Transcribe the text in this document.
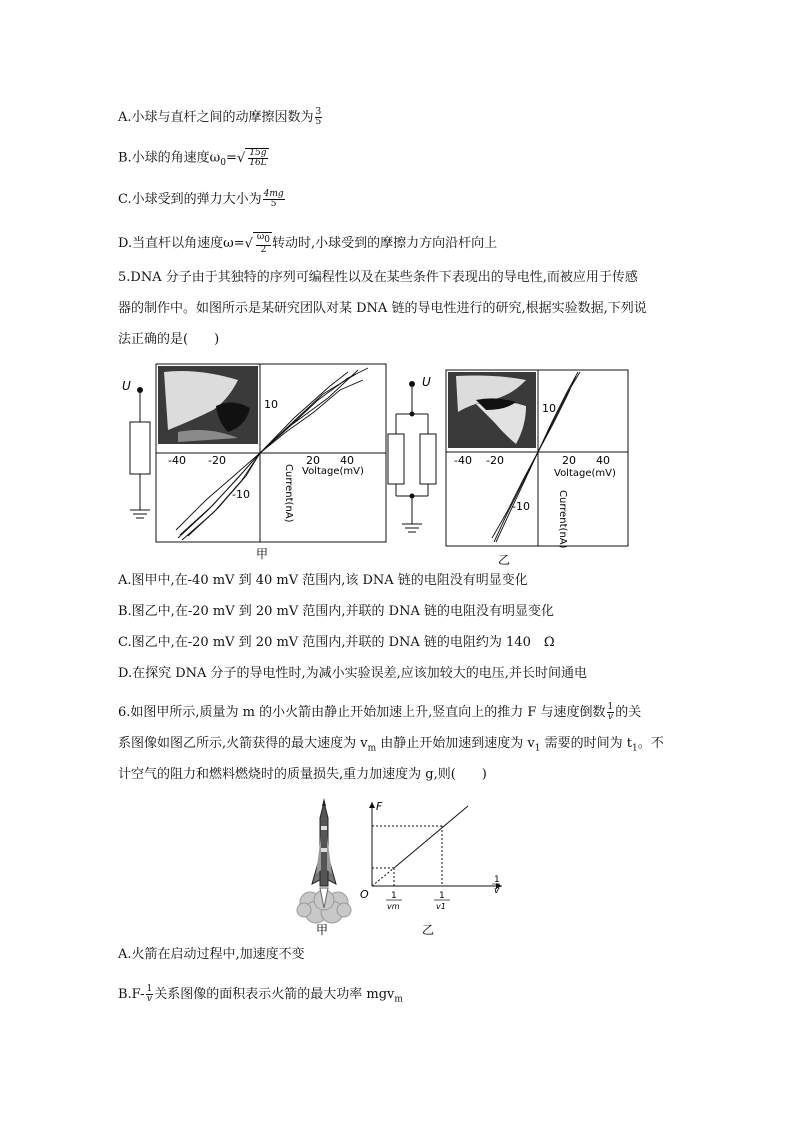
A.小球与直杆之间的动摩擦因数为 $\frac{3}{5}$
B.小球的角速度$\omega_0=√ \frac{15g}{16L}$
C.小球受到的弹力大小为 $\frac{4mg}{5}$
D.当直杆以角速度$\omega=√ \frac{\omega_0}{2}$ 转动时,小球受到的摩擦力方向沿杆向上
5.DNA 分子由于其独特的序列可编程性以及在某些条件下表现出的导电性,而被应用于传感
器的制作中。如图所示是某研究团队对某 DNA 链的导电性进行的研究,根据实验数据,下列说
法正确的是(　　)
U
10
-10
-40 -20	20 40
Voltage(mV)
Current(nA)
甲
U
10
-10
-40 -20	20 40
Voltage(mV)
Current(nA)
乙
A.图甲中,在-40 mV 到 40 mV 范围内,该 DNA 链的电阻没有明显变化
B.图乙中,在-20 mV 到 20 mV 范围内,并联的 DNA 链的电阻没有明显变化
C.图乙中,在-20 mV 到 20 mV 范围内,并联的 DNA 链的电阻约为 140　Ω
D.在探究 DNA 分子的导电性时,为减小实验误差,应该加较大的电压,并长时间通电
6.如图甲所示,质量为 m 的小火箭由静止开始加速上升,竖直向上的推力 F 与速度倒数 $\frac{1}{v}$ 的关
系图像如图乙所示,火箭获得的最大速度为 $v_m$ 由静止开始加速到速度为 $v_1$ 需要的时间为 $t_1$。不
计空气的阻力和燃料燃烧时的质量损失,重力加速度为 g,则(　　)
甲
F
O
1
v
1
vm
1
v1
乙
A.火箭在启动过程中,加速度不变
$B.F- \frac{1}{v}$ 关系图像的面积表示火箭的最大功率 mgv$_m$
